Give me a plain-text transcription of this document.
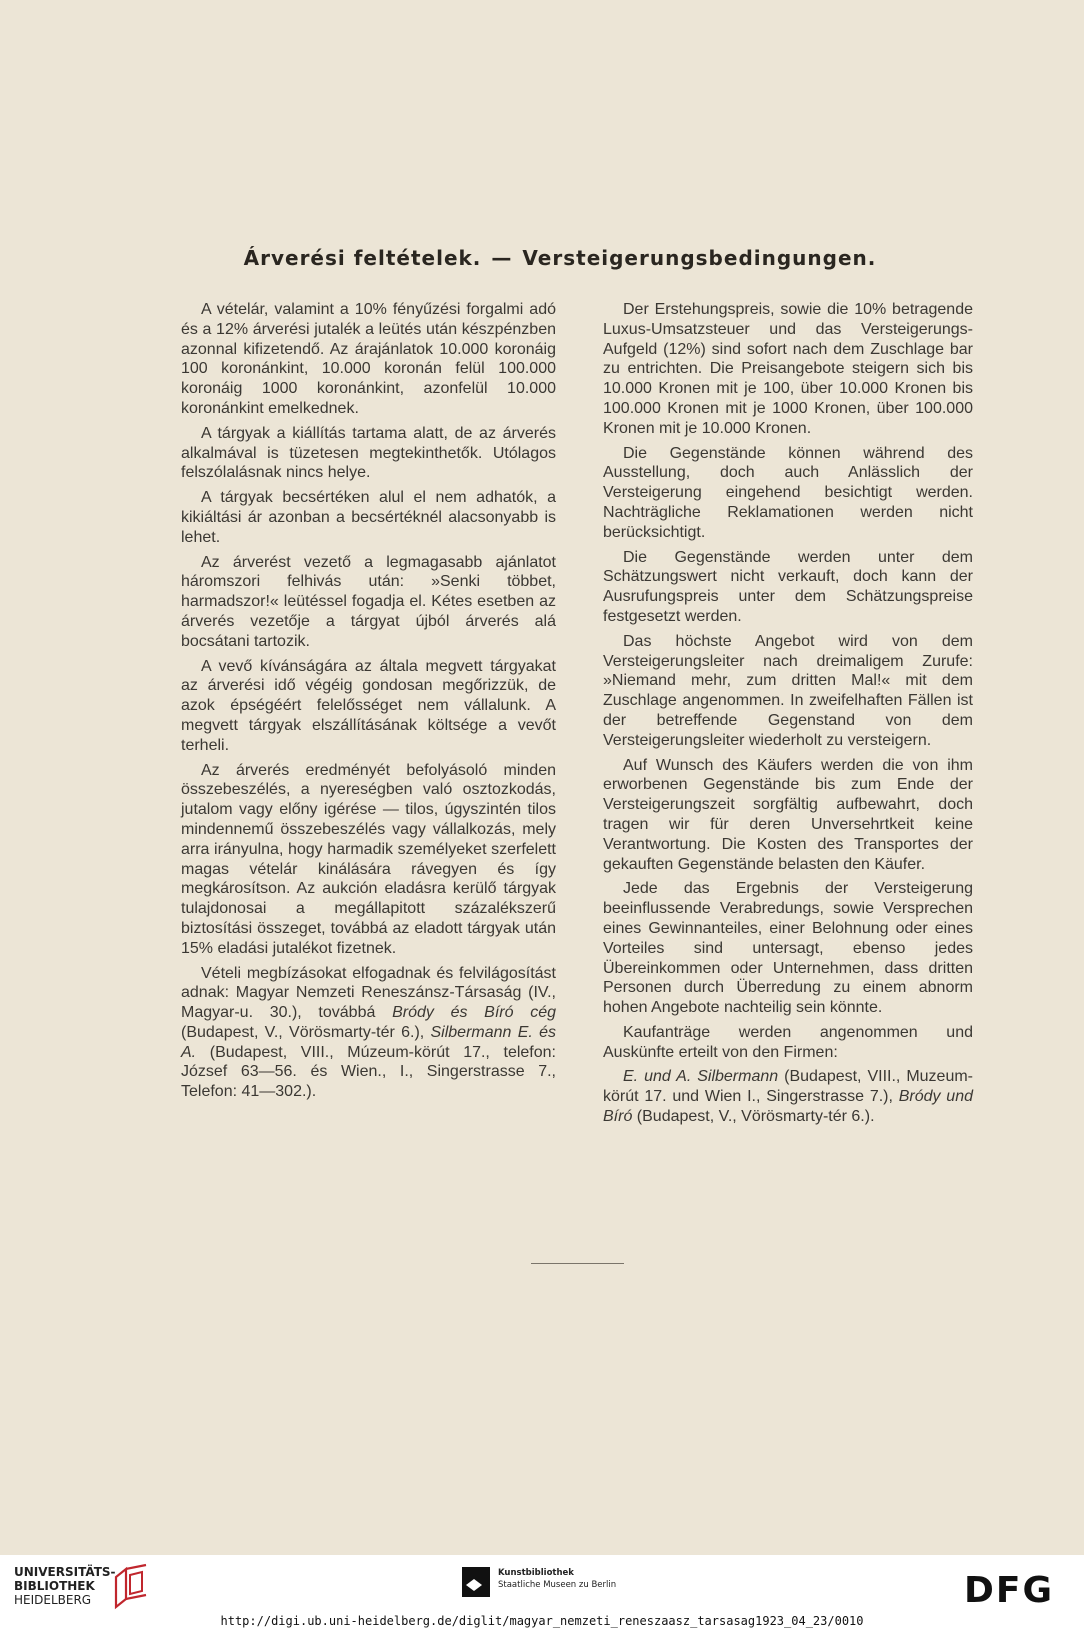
Árverési feltételek. — Versteigerungsbedingungen.

A vételár, valamint a 10% fényűzési forgalmi adó és a 12% árverési jutalék a leütés után készpénzben azonnal kifizetendő. Az árajánlatok 10.000 koronáig 100 koronánkint, 10.000 koronán felül 100.000 koronáig 1000 koronánkint, azonfelül 10.000 koronánkint emelkednek.

A tárgyak a kiállítás tartama alatt, de az árverés alkalmával is tüzetesen megtekinthetők. Utólagos felszólalásnak nincs helye.

A tárgyak becsértéken alul el nem adhatók, a kikiáltási ár azonban a becsértéknél alacsonyabb is lehet.

Az árverést vezető a legmagasabb ajánlatot háromszori felhivás után: »Senki többet, harmadszor!« leütéssel fogadja el. Kétes esetben az árverés vezetője a tárgyat újból árverés alá bocsátani tartozik.

A vevő kívánságára az általa megvett tárgyakat az árverési idő végéig gondosan megőrizzük, de azok épségéért felelősséget nem vállalunk. A megvett tárgyak elszállításának költsége a vevőt terheli.

Az árverés eredményét befolyásoló minden összebeszélés, a nyereségben való osztozkodás, jutalom vagy előny igérése — tilos, úgyszintén tilos mindennemű összebeszélés vagy vállalkozás, mely arra irányulna, hogy harmadik személyeket szerfelett magas vételár kinálására rávegyen és így megkárosítson. Az aukción eladásra kerülő tárgyak tulajdonosai a megállapitott százalékszerű biztosítási összeget, továbbá az eladott tárgyak után 15% eladási jutalékot fizetnek.

Vételi megbízásokat elfogadnak és felvilágosítást adnak: Magyar Nemzeti Reneszánsz-Társaság (IV., Magyar-u. 30.), továbbá Bródy és Bíró cég (Budapest, V., Vörösmarty-tér 6.), Silbermann E. és A. (Budapest, VIII., Múzeum-körút 17., telefon: József 63—56. és Wien., I., Singerstrasse 7., Telefon: 41—302.).

Der Erstehungspreis, sowie die 10% betragende Luxus-Umsatzsteuer und das Versteigerungs-Aufgeld (12%) sind sofort nach dem Zuschlage bar zu entrichten. Die Preisangebote steigern sich bis 10.000 Kronen mit je 100, über 10.000 Kronen bis 100.000 Kronen mit je 1000 Kronen, über 100.000 Kronen mit je 10.000 Kronen.

Die Gegenstände können während des Ausstellung, doch auch Anlässlich der Versteigerung eingehend besichtigt werden. Nachträgliche Reklamationen werden nicht berücksichtigt.

Die Gegenstände werden unter dem Schätzungswert nicht verkauft, doch kann der Ausrufungspreis unter dem Schätzungspreise festgesetzt werden.

Das höchste Angebot wird von dem Versteigerungsleiter nach dreimaligem Zurufe: »Niemand mehr, zum dritten Mal!« mit dem Zuschlage angenommen. In zweifelhaften Fällen ist der betreffende Gegenstand von dem Versteigerungsleiter wiederholt zu versteigern.

Auf Wunsch des Käufers werden die von ihm erworbenen Gegenstände bis zum Ende der Versteigerungszeit sorgfältig aufbewahrt, doch tragen wir für deren Unversehrtkeit keine Verantwortung. Die Kosten des Transportes der gekauften Gegenstände belasten den Käufer.

Jede das Ergebnis der Versteigerung beeinflussende Verabredungs, sowie Versprechen eines Gewinnanteiles, einer Belohnung oder eines Vorteiles sind untersagt, ebenso jedes Übereinkommen oder Unternehmen, dass dritten Personen durch Überredung zu einem abnorm hohen Angebote nachteilig sein könnte.

Kaufanträge werden angenommen und Auskünfte erteilt von den Firmen:

E. und A. Silbermann (Budapest, VIII., Muzeum-körút 17. und Wien I., Singerstrasse 7.), Bródy und Bíró (Budapest, V., Vörösmarty-tér 6.).

UNIVERSITÄTS-
BIBLIOTHEK
HEIDELBERG
Kunstbibliothek
Staatliche Museen zu Berlin	DFG
http://digi.ub.uni-heidelberg.de/diglit/magyar_nemzeti_reneszaasz_tarsasag1923_04_23/0010
